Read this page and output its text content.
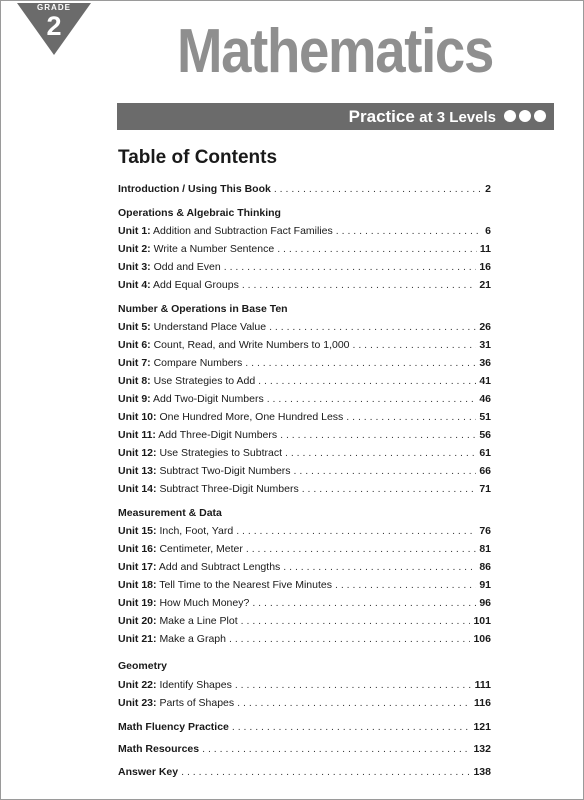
GRADE
2	Mathematics
Practice at 3 Levels
Table of Contents
Introduction / Using This Book . . .	2
Operations & Algebraic Thinking
Unit 1: Addition and Subtraction Fact Families . . .	6
Unit 2: Write a Number Sentence . . .	11
Unit 3: Odd and Even . . .	16
Unit 4: Add Equal Groups . . .	21
Number & Operations in Base Ten
Unit 5: Understand Place Value . . .	26
Unit 6: Count, Read, and Write Numbers to 1,000 . . .	31
Unit 7: Compare Numbers . . .	36
Unit 8: Use Strategies to Add . . .	41
Unit 9: Add Two-Digit Numbers . . .	46
Unit 10: One Hundred More, One Hundred Less . . .	51
Unit 11: Add Three-Digit Numbers . . .	56
Unit 12: Use Strategies to Subtract . . .	61
Unit 13: Subtract Two-Digit Numbers . . .	66
Unit 14: Subtract Three-Digit Numbers . . .	71
Measurement & Data
Unit 15: Inch, Foot, Yard . . .	76
Unit 16: Centimeter, Meter . . .	81
Unit 17: Add and Subtract Lengths . . .	86
Unit 18: Tell Time to the Nearest Five Minutes . . .	91
Unit 19: How Much Money? . . .	96
Unit 20: Make a Line Plot . . .	101
Unit 21: Make a Graph . . .	106
Geometry
Unit 22: Identify Shapes . . .	111
Unit 23: Parts of Shapes . . .	116
Math Fluency Practice . . .	121
Math Resources . . .	132
Answer Key . . .	138
